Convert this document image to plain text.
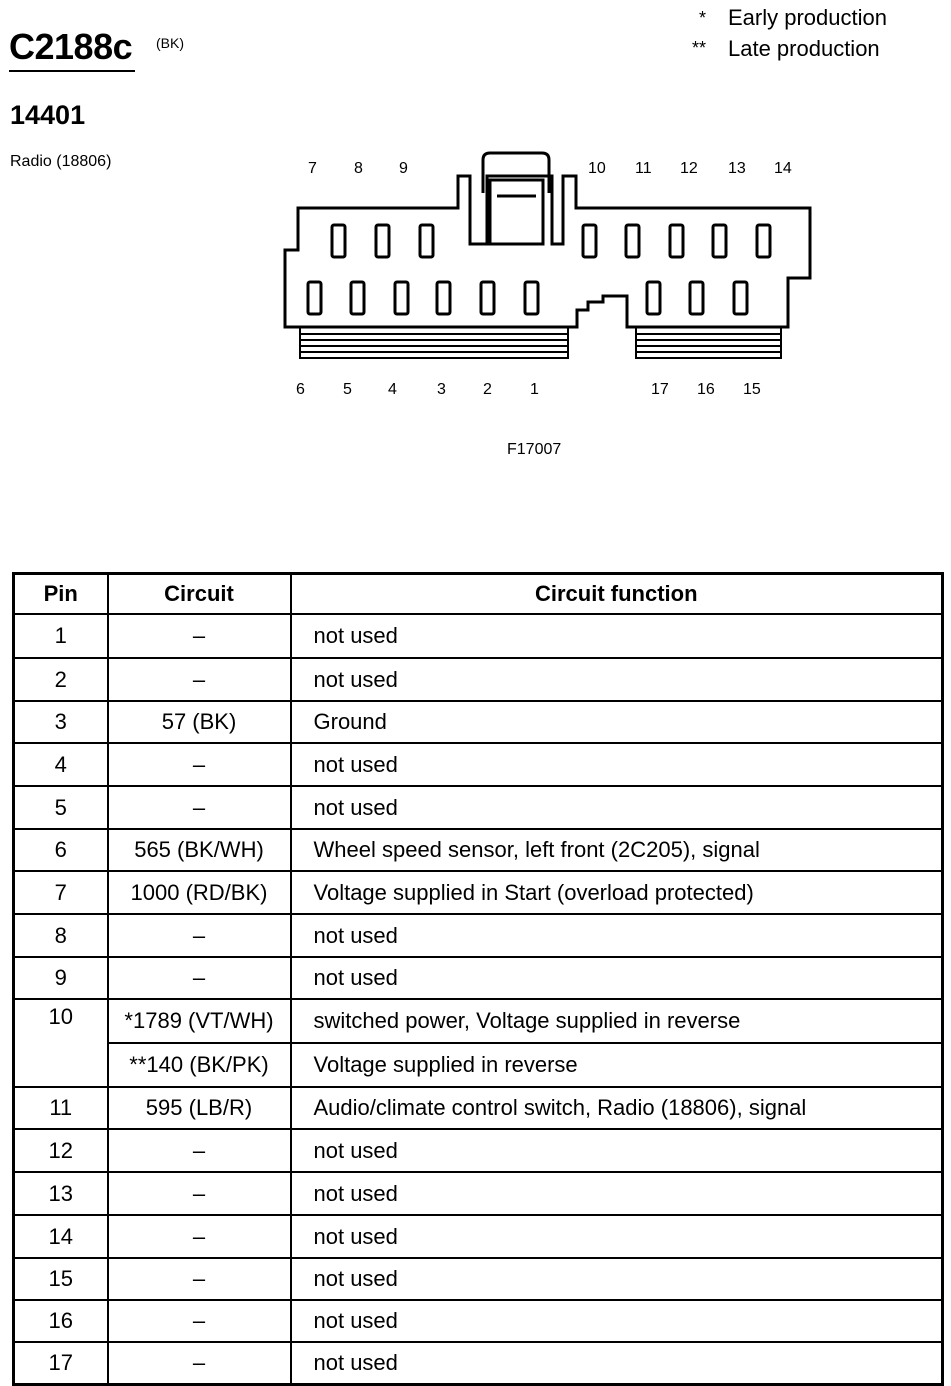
C2188c (BK)
14401
Radio (18806)
* Early production
** Late production
7 8 9	10 11 12 13 14
6 5 4	3 2 1	17 16 15
F17007
Pin	Circuit	Circuit function
1	–	not used
2	–	not used
3	57 (BK)	Ground
4	–	not used
5	–	not used
6	565 (BK/WH)	Wheel speed sensor, left front (2C205), signal
7	1000 (RD/BK)	Voltage supplied in Start (overload protected)
8	–	not used
9	–	not used
10	*1789 (VT/WH)	switched power, Voltage supplied in reverse
	**140 (BK/PK)	Voltage supplied in reverse
11	595 (LB/R)	Audio/climate control switch, Radio (18806), signal
12	–	not used
13	–	not used
14	–	not used
15	–	not used
16	–	not used
17	–	not used
